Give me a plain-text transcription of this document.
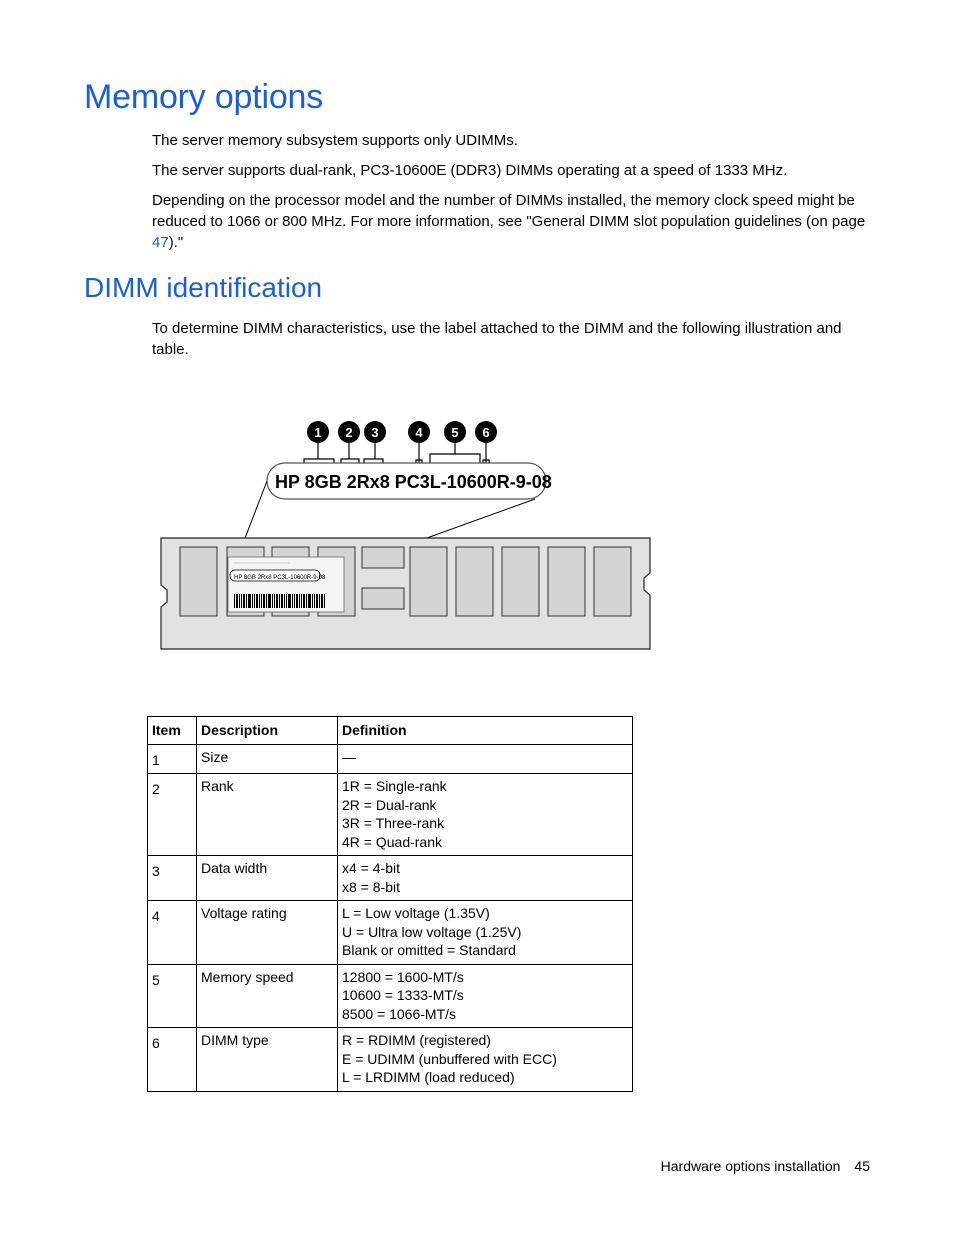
Memory options

The server memory subsystem supports only UDIMMs.

The server supports dual-rank, PC3-10600E (DDR3) DIMMs operating at a speed of 1333 MHz.

Depending on the processor model and the number of DIMMs installed, the memory clock speed might be reduced to 1066 or 800 MHz. For more information, see "General DIMM slot population guidelines (on page 47)."

DIMM identification

To determine DIMM characteristics, use the label attached to the DIMM and the following illustration and table.

1 2 3	4 5 6
HP 8GB 2Rx8 PC3L-10600R-9-08
HP 8GB 2Rx8 PC3L-10600R-9-08
Item	Description	Definition
1	Size	—

2	Rank	1R = Single-rank
2R = Dual-rank
3R = Three-rank
4R = Quad-rank

3	Data width	x4 = 4-bit
x8 = 8-bit

4	Voltage rating	L = Low voltage (1.35V)
U = Ultra low voltage (1.25V)
Blank or omitted = Standard

5	Memory speed	12800 = 1600-MT/s
10600 = 1333-MT/s
8500 = 1066-MT/s

6	DIMM type	R = RDIMM (registered)
E = UDIMM (unbuffered with ECC)
L = LRDIMM (load reduced)
Hardware options installation 45
